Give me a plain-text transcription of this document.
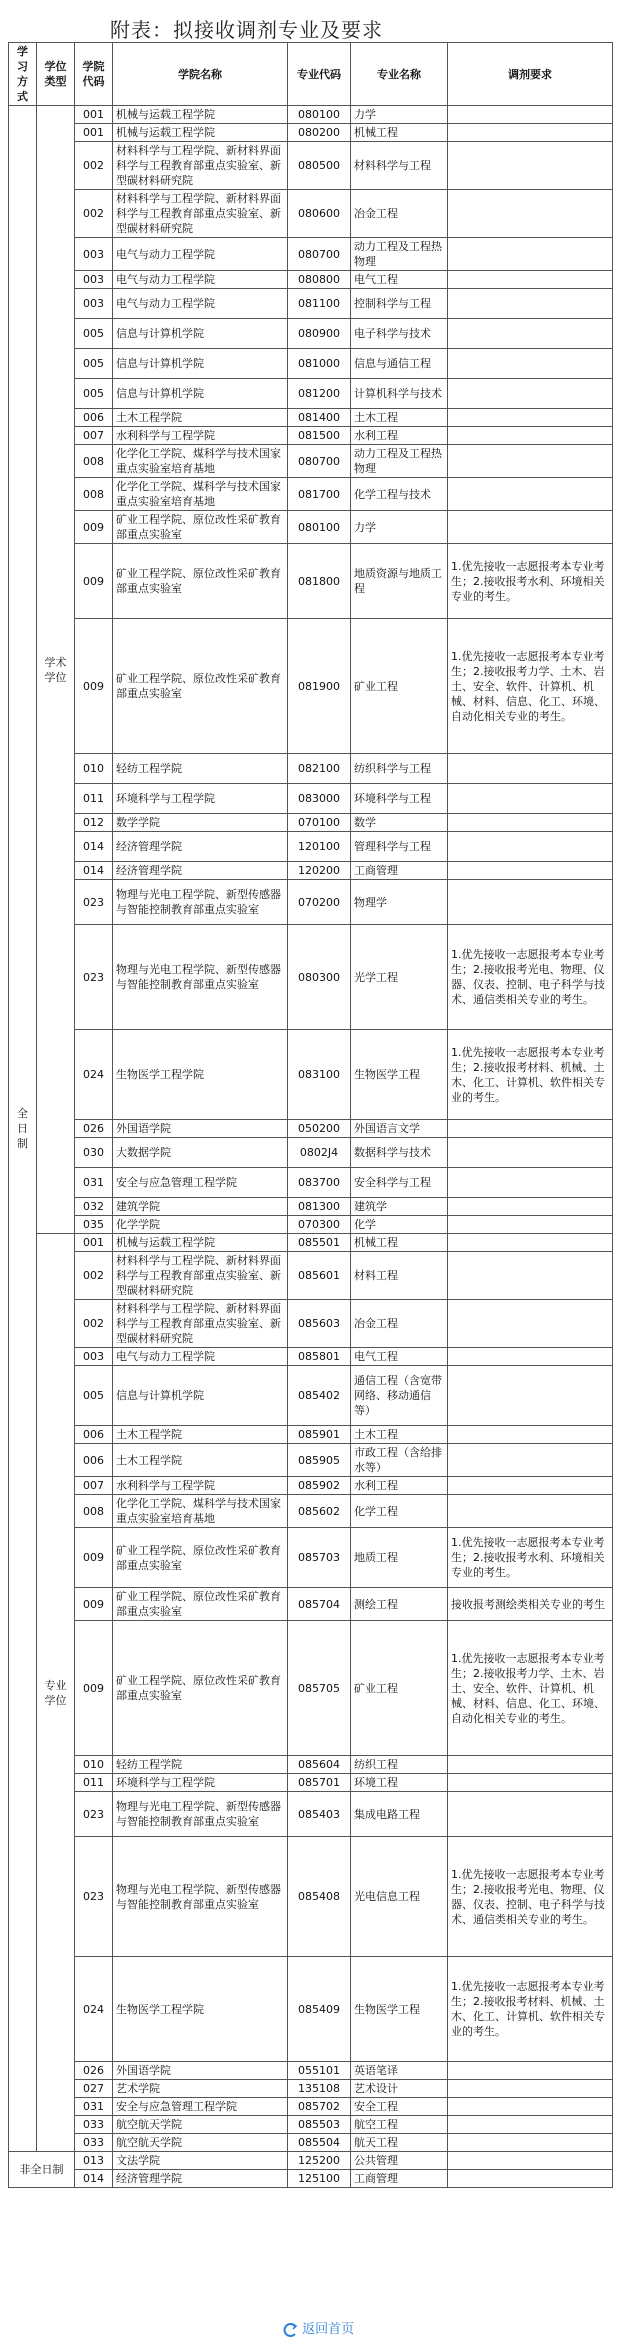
附表：拟接收调剂专业及要求
学习方式	学位类型	学院代码	学院名称	专业代码	专业名称	调剂要求
全日制	学术学位	001	机械与运载工程学院	080100	力学	
		001	机械与运载工程学院	080200	机械工程	
		002	材料科学与工程学院、新材料界面科学与工程教育部重点实验室、新型碳材料研究院	080500	材料科学与工程	
		002	材料科学与工程学院、新材料界面科学与工程教育部重点实验室、新型碳材料研究院	080600	冶金工程	
		003	电气与动力工程学院	080700	动力工程及工程热物理	
		003	电气与动力工程学院	080800	电气工程	
		003	电气与动力工程学院	081100	控制科学与工程	
		005	信息与计算机学院	080900	电子科学与技术	
		005	信息与计算机学院	081000	信息与通信工程	
		005	信息与计算机学院	081200	计算机科学与技术	
		006	土木工程学院	081400	土木工程	
		007	水利科学与工程学院	081500	水利工程	
		008	化学化工学院、煤科学与技术国家重点实验室培育基地	080700	动力工程及工程热物理	
		008	化学化工学院、煤科学与技术国家重点实验室培育基地	081700	化学工程与技术	
		009	矿业工程学院、原位改性采矿教育部重点实验室	080100	力学	
		009	矿业工程学院、原位改性采矿教育部重点实验室	081800	地质资源与地质工程	1.优先接收一志愿报考本专业考生；2.接收报考水利、环境相关专业的考生。
		009	矿业工程学院、原位改性采矿教育部重点实验室	081900	矿业工程	1.优先接收一志愿报考本专业考生；2.接收报考力学、土木、岩土、安全、软件、计算机、机械、材料、信息、化工、环境、自动化相关专业的考生。
		010	轻纺工程学院	082100	纺织科学与工程	
		011	环境科学与工程学院	083000	环境科学与工程	
		012	数学学院	070100	数学	
		014	经济管理学院	120100	管理科学与工程	
		014	经济管理学院	120200	工商管理	
		023	物理与光电工程学院、新型传感器与智能控制教育部重点实验室	070200	物理学	
		023	物理与光电工程学院、新型传感器与智能控制教育部重点实验室	080300	光学工程	1.优先接收一志愿报考本专业考生；2.接收报考光电、物理、仪器、仪表、控制、电子科学与技术、通信类相关专业的考生。
		024	生物医学工程学院	083100	生物医学工程	1.优先接收一志愿报考本专业考生；2.接收报考材料、机械、土木、化工、计算机、软件相关专业的考生。
		026	外国语学院	050200	外国语言文学	
		030	大数据学院	0802J4	数据科学与技术	
		031	安全与应急管理工程学院	083700	安全科学与工程	
		032	建筑学院	081300	建筑学	
		035	化学学院	070300	化学	
	专业学位	001	机械与运载工程学院	085501	机械工程	
		002	材料科学与工程学院、新材料界面科学与工程教育部重点实验室、新型碳材料研究院	085601	材料工程	
		002	材料科学与工程学院、新材料界面科学与工程教育部重点实验室、新型碳材料研究院	085603	冶金工程	
		003	电气与动力工程学院	085801	电气工程	
		005	信息与计算机学院	085402	通信工程（含宽带网络、移动通信等）	
		006	土木工程学院	085901	土木工程	
		006	土木工程学院	085905	市政工程（含给排水等）	
		007	水利科学与工程学院	085902	水利工程	
		008	化学化工学院、煤科学与技术国家重点实验室培育基地	085602	化学工程	
		009	矿业工程学院、原位改性采矿教育部重点实验室	085703	地质工程	1.优先接收一志愿报考本专业考生；2.接收报考水利、环境相关专业的考生。
		009	矿业工程学院、原位改性采矿教育部重点实验室	085704	测绘工程	接收报考测绘类相关专业的考生
		009	矿业工程学院、原位改性采矿教育部重点实验室	085705	矿业工程	1.优先接收一志愿报考本专业考生；2.接收报考力学、土木、岩土、安全、软件、计算机、机械、材料、信息、化工、环境、自动化相关专业的考生。
		010	轻纺工程学院	085604	纺织工程	
		011	环境科学与工程学院	085701	环境工程	
		023	物理与光电工程学院、新型传感器与智能控制教育部重点实验室	085403	集成电路工程	
		023	物理与光电工程学院、新型传感器与智能控制教育部重点实验室	085408	光电信息工程	1.优先接收一志愿报考本专业考生；2.接收报考光电、物理、仪器、仪表、控制、电子科学与技术、通信类相关专业的考生。
		024	生物医学工程学院	085409	生物医学工程	1.优先接收一志愿报考本专业考生；2.接收报考材料、机械、土木、化工、计算机、软件相关专业的考生。
		026	外国语学院	055101	英语笔译	
		027	艺术学院	135108	艺术设计	
		031	安全与应急管理工程学院	085702	安全工程	
		033	航空航天学院	085503	航空工程	
		033	航空航天学院	085504	航天工程	
非全日制		013	文法学院	125200	公共管理	
		014	经济管理学院	125100	工商管理	
返回首页
